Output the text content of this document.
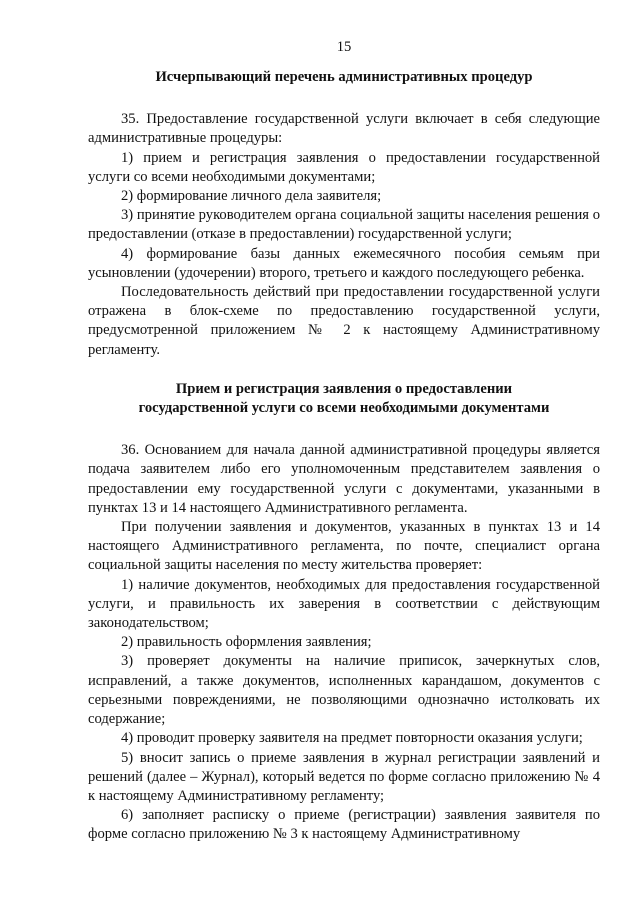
15
Исчерпывающий перечень административных процедур

35. Предоставление государственной услуги включает в себя следующие административные процедуры:

1) прием и регистрация заявления о предоставлении государственной услуги со всеми необходимыми документами;

2) формирование личного дела заявителя;

3) принятие руководителем органа социальной защиты населения решения о предоставлении (отказе в предоставлении) государственной услуги;

4) формирование базы данных ежемесячного пособия семьям при усыновлении (удочерении) второго, третьего и каждого последующего ребенка.

Последовательность действий при предоставлении государственной услуги отражена в блок-схеме по предоставлению государственной услуги, предусмотренной приложением № 2 к настоящему Административному регламенту.

Прием и регистрация заявления о предоставлении
государственной услуги со всеми необходимыми документами

36. Основанием для начала данной административной процедуры является подача заявителем либо его уполномоченным представителем заявления о предоставлении ему государственной услуги с документами, указанными в пунктах 13 и 14 настоящего Административного регламента.

При получении заявления и документов, указанных в пунктах 13 и 14 настоящего Административного регламента, по почте, специалист органа социальной защиты населения по месту жительства проверяет:

1) наличие документов, необходимых для предоставления государственной услуги, и правильность их заверения в соответствии с действующим законодательством;

2) правильность оформления заявления;

3) проверяет документы на наличие приписок, зачеркнутых слов, исправлений, а также документов, исполненных карандашом, документов с серьезными повреждениями, не позволяющими однозначно истолковать их содержание;

4) проводит проверку заявителя на предмет повторности оказания услуги;

5) вносит запись о приеме заявления в журнал регистрации заявлений и решений (далее – Журнал), который ведется по форме согласно приложению № 4 к настоящему Административному регламенту;

6) заполняет расписку о приеме (регистрации) заявления заявителя по форме согласно приложению № 3 к настоящему Административному
